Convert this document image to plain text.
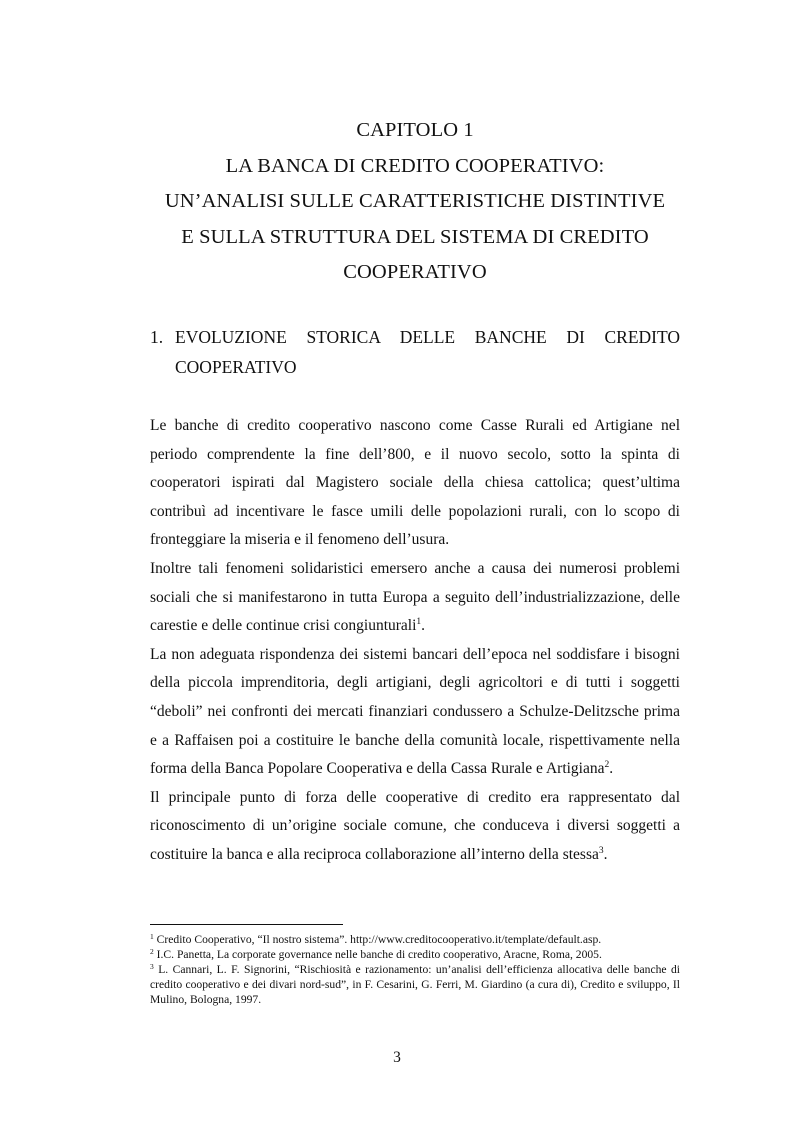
CAPITOLO 1
LA BANCA DI CREDITO COOPERATIVO:
UN’ANALISI SULLE CARATTERISTICHE DISTINTIVE
E SULLA STRUTTURA DEL SISTEMA DI CREDITO
COOPERATIVO
1. EVOLUZIONE STORICA DELLE BANCHE DI CREDITO
COOPERATIVO

Le banche di credito cooperativo nascono come Casse Rurali ed Artigiane nel periodo comprendente la fine dell’800, e il nuovo secolo, sotto la spinta di cooperatori ispirati dal Magistero sociale della chiesa cattolica; quest’ultima contribuì ad incentivare le fasce umili delle popolazioni rurali, con lo scopo di fronteggiare la miseria e il fenomeno dell’usura.

Inoltre tali fenomeni solidaristici emersero anche a causa dei numerosi problemi sociali che si manifestarono in tutta Europa a seguito dell’industrializzazione, delle carestie e delle continue crisi congiunturali$^1$.

La non adeguata rispondenza dei sistemi bancari dell’epoca nel soddisfare i bisogni della piccola imprenditoria, degli artigiani, degli agricoltori e di tutti i soggetti “deboli” nei confronti dei mercati finanziari condussero a Schulze-Delitzsche prima e a Raffaisen poi a costituire le banche della comunità locale, rispettivamente nella forma della Banca Popolare Cooperativa e della Cassa Rurale e Artigiana$^2$.

Il principale punto di forza delle cooperative di credito era rappresentato dal riconoscimento di un’origine sociale comune, che conduceva i diversi soggetti a costituire la banca e alla reciproca collaborazione all’interno della stessa$^3$.

$^1$ Credito Cooperativo, “Il nostro sistema”. http://www.creditocooperativo.it/template/default.asp.

$^2$ I.C. Panetta, La corporate governance nelle banche di credito cooperativo, Aracne, Roma, 2005.

$^3$ L. Cannari, L. F. Signorini, “Rischiosità e razionamento: un’analisi dell’efficienza allocativa delle banche di credito cooperativo e dei divari nord-sud”, in F. Cesarini, G. Ferri, M. Giardino (a cura di), Credito e sviluppo, Il Mulino, Bologna, 1997.

3
